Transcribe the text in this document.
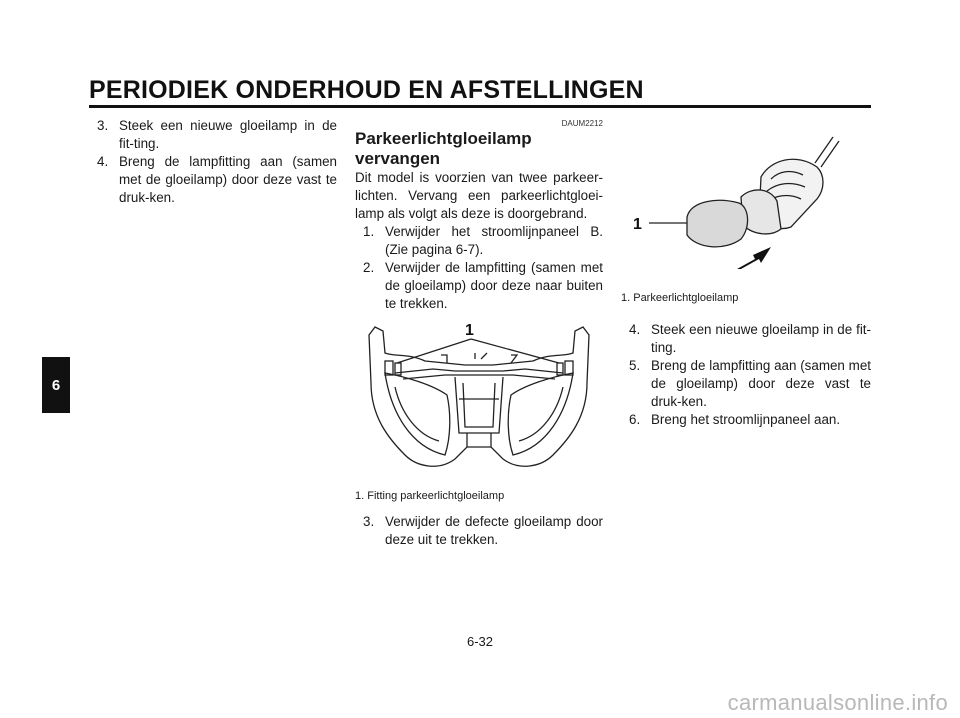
PERIODIEK ONDERHOUD EN AFSTELLINGEN
6
3. Steek een nieuwe gloeilamp in de fit-ting.
4. Breng de lampfitting aan (samen met de gloeilamp) door deze vast te druk-ken.
DAUM2212
Parkeerlichtgloeilamp vervangen

Dit model is voorzien van twee parkeer-lichten. Vervang een parkeerlichtgloei-lamp als volgt als deze is doorgebrand.

1. Verwijder het stroomlijnpaneel B. (Zie pagina 6-7).
2. Verwijder de lampfitting (samen met de gloeilamp) door deze naar buiten te trekken.
1
1. Fitting parkeerlichtgloeilamp
3. Verwijder de defecte gloeilamp door deze uit te trekken.
1
1. Parkeerlichtgloeilamp
4. Steek een nieuwe gloeilamp in de fit-ting.
5. Breng de lampfitting aan (samen met de gloeilamp) door deze vast te druk-ken.
6. Breng het stroomlijnpaneel aan.
6-32
carmanualsonline.info
